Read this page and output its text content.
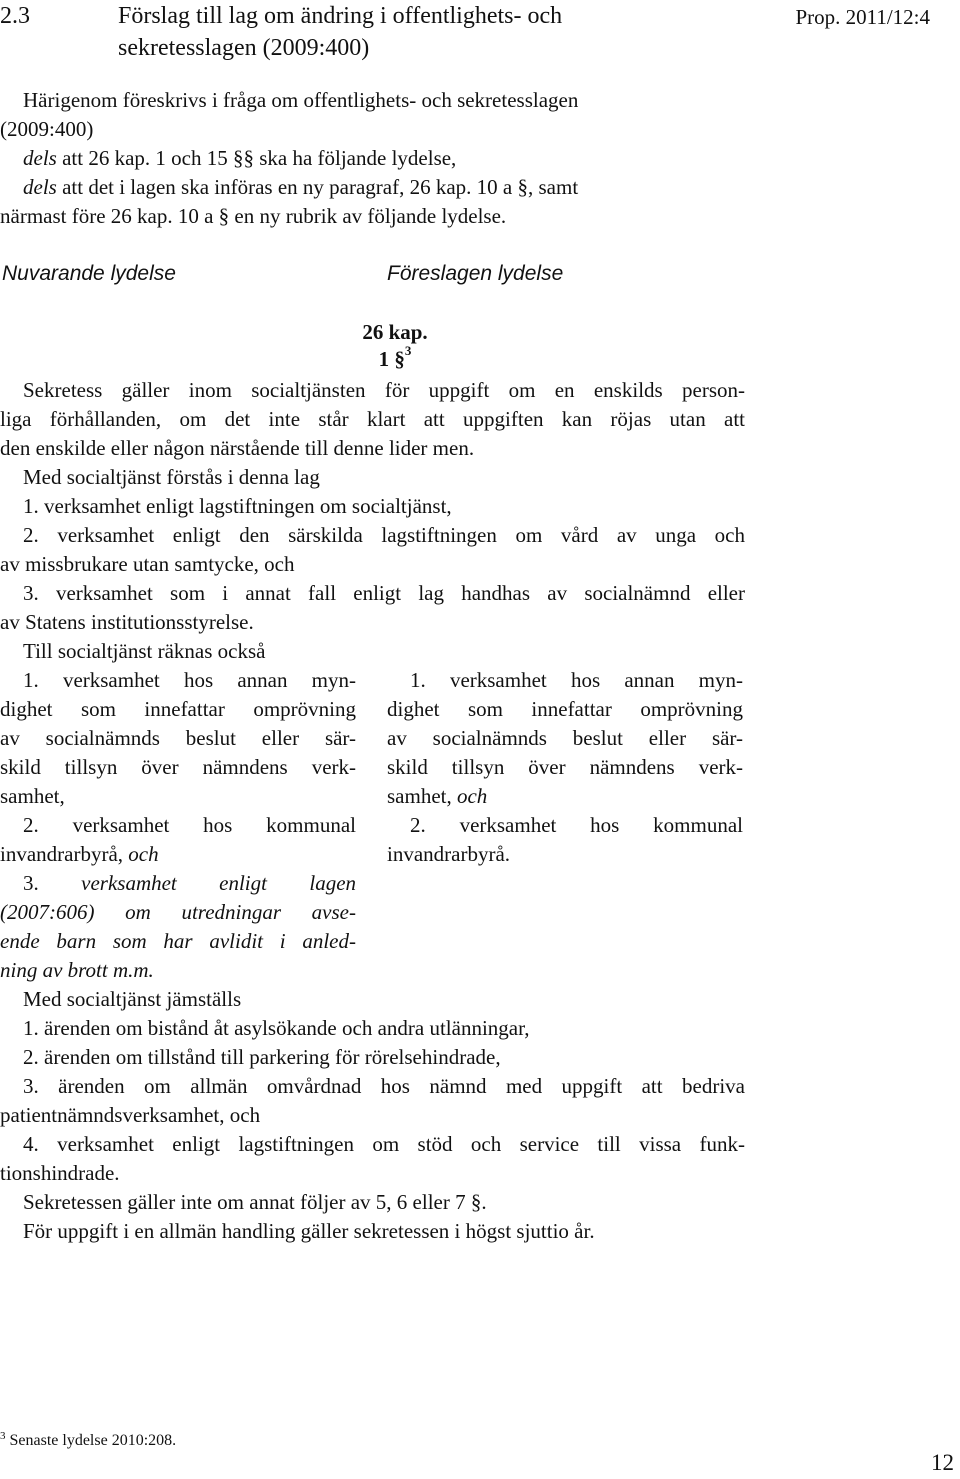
2.3	Förslag till lag om ändring i offentlighets- och
sekretesslagen (2009:400)
Prop. 2011/12:4
Härigenom föreskrivs i fråga om offentlighets- och sekretesslagen
(2009:400)
dels att 26 kap. 1 och 15 §§ ska ha följande lydelse,
dels att det i lagen ska införas en ny paragraf, 26 kap. 10 a §, samt
närmast före 26 kap. 10 a § en ny rubrik av följande lydelse.
Nuvarande lydelse	Föreslagen lydelse
26 kap.
1 §$^3$
Sekretess gäller inom socialtjänsten för uppgift om en enskilds person-
liga förhållanden, om det inte står klart att uppgiften kan röjas utan att
den enskilde eller någon närstående till denne lider men.
Med socialtjänst förstås i denna lag
1. verksamhet enligt lagstiftningen om socialtjänst,
2. verksamhet enligt den särskilda lagstiftningen om vård av unga och
av missbrukare utan samtycke, och
3. verksamhet som i annat fall enligt lag handhas av socialnämnd eller
av Statens institutionsstyrelse.
Till socialtjänst räknas också
1. verksamhet hos annan myn-
dighet som innefattar omprövning
av socialnämnds beslut eller sär-
skild tillsyn över nämndens verk-
samhet,
2. verksamhet hos kommunal
invandrarbyrå, och
3. verksamhet enligt lagen
(2007:606) om utredningar avse-
ende barn som har avlidit i anled-
ning av brott m.m.
1. verksamhet hos annan myn-
dighet som innefattar omprövning
av socialnämnds beslut eller sär-
skild tillsyn över nämndens verk-
samhet, och
2. verksamhet hos kommunal
invandrarbyrå.
Med socialtjänst jämställs
1. ärenden om bistånd åt asylsökande och andra utlänningar,
2. ärenden om tillstånd till parkering för rörelsehindrade,
3. ärenden om allmän omvårdnad hos nämnd med uppgift att bedriva
patientnämndsverksamhet, och
4. verksamhet enligt lagstiftningen om stöd och service till vissa funk-
tionshindrade.
Sekretessen gäller inte om annat följer av 5, 6 eller 7 §.
För uppgift i en allmän handling gäller sekretessen i högst sjuttio år.
$^3$ Senaste lydelse 2010:208.
12
